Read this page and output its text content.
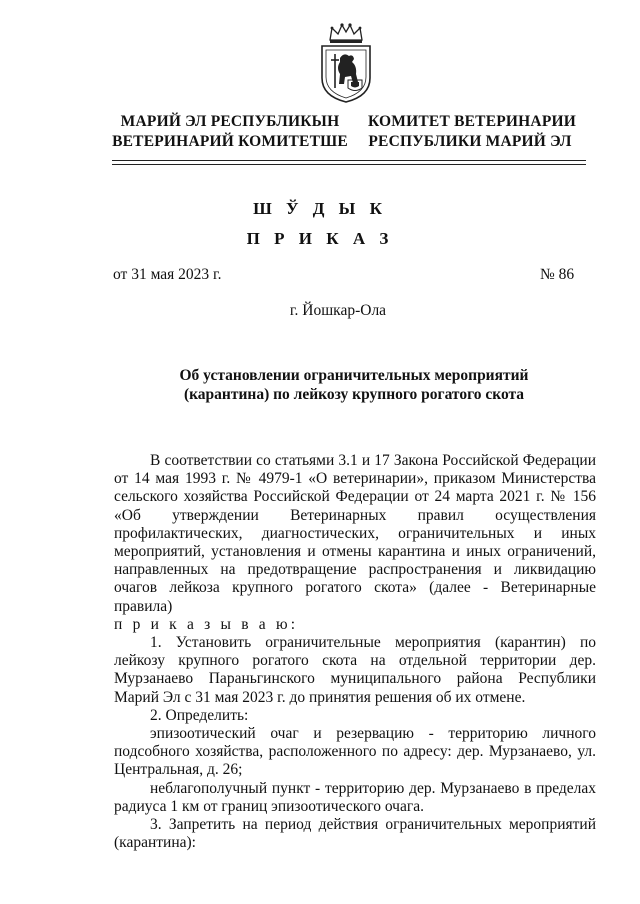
МАРИЙ ЭЛ РЕСПУБЛИКЫН
ВЕТЕРИНАРИЙ КОМИТЕТШЕ
КОМИТЕТ ВЕТЕРИНАРИИ
РЕСПУБЛИКИ МАРИЙ ЭЛ
Ш Ў Д Ы К
П Р И К А З
от 31 мая 2023 г.	№ 86
г. Йошкар-Ола
Об установлении ограничительных мероприятий
(карантина) по лейкозу крупного рогатого скота

В соответствии со статьями 3.1 и 17 Закона Российской Федерации от 14 мая 1993 г. № 4979-1 «О ветеринарии», приказом Министерства сельского хозяйства Российской Федерации от 24 марта 2021 г. № 156 «Об утверждении Ветеринарных правил осуществления профилактических, диагностических, ограничительных и иных мероприятий, установления и отмены карантина и иных ограничений, направленных на предотвращение распространения и ликвидацию очагов лейкоза крупного рогатого скота» (далее - Ветеринарные правила)

п р и к а з ы в а ю:

1. Установить ограничительные мероприятия (карантин) по лейкозу крупного рогатого скота на отдельной территории дер. Мурзанаево Параньгинского муниципального района Республики Марий Эл с 31 мая 2023 г. до принятия решения об их отмене.

2. Определить:

эпизоотический очаг и резервацию - территорию личного подсобного хозяйства, расположенного по адресу: дер. Мурзанаево, ул. Центральная, д. 26;

неблагополучный пункт - территорию дер. Мурзанаево в пределах радиуса 1 км от границ эпизоотического очага.

3. Запретить на период действия ограничительных мероприятий (карантина):
